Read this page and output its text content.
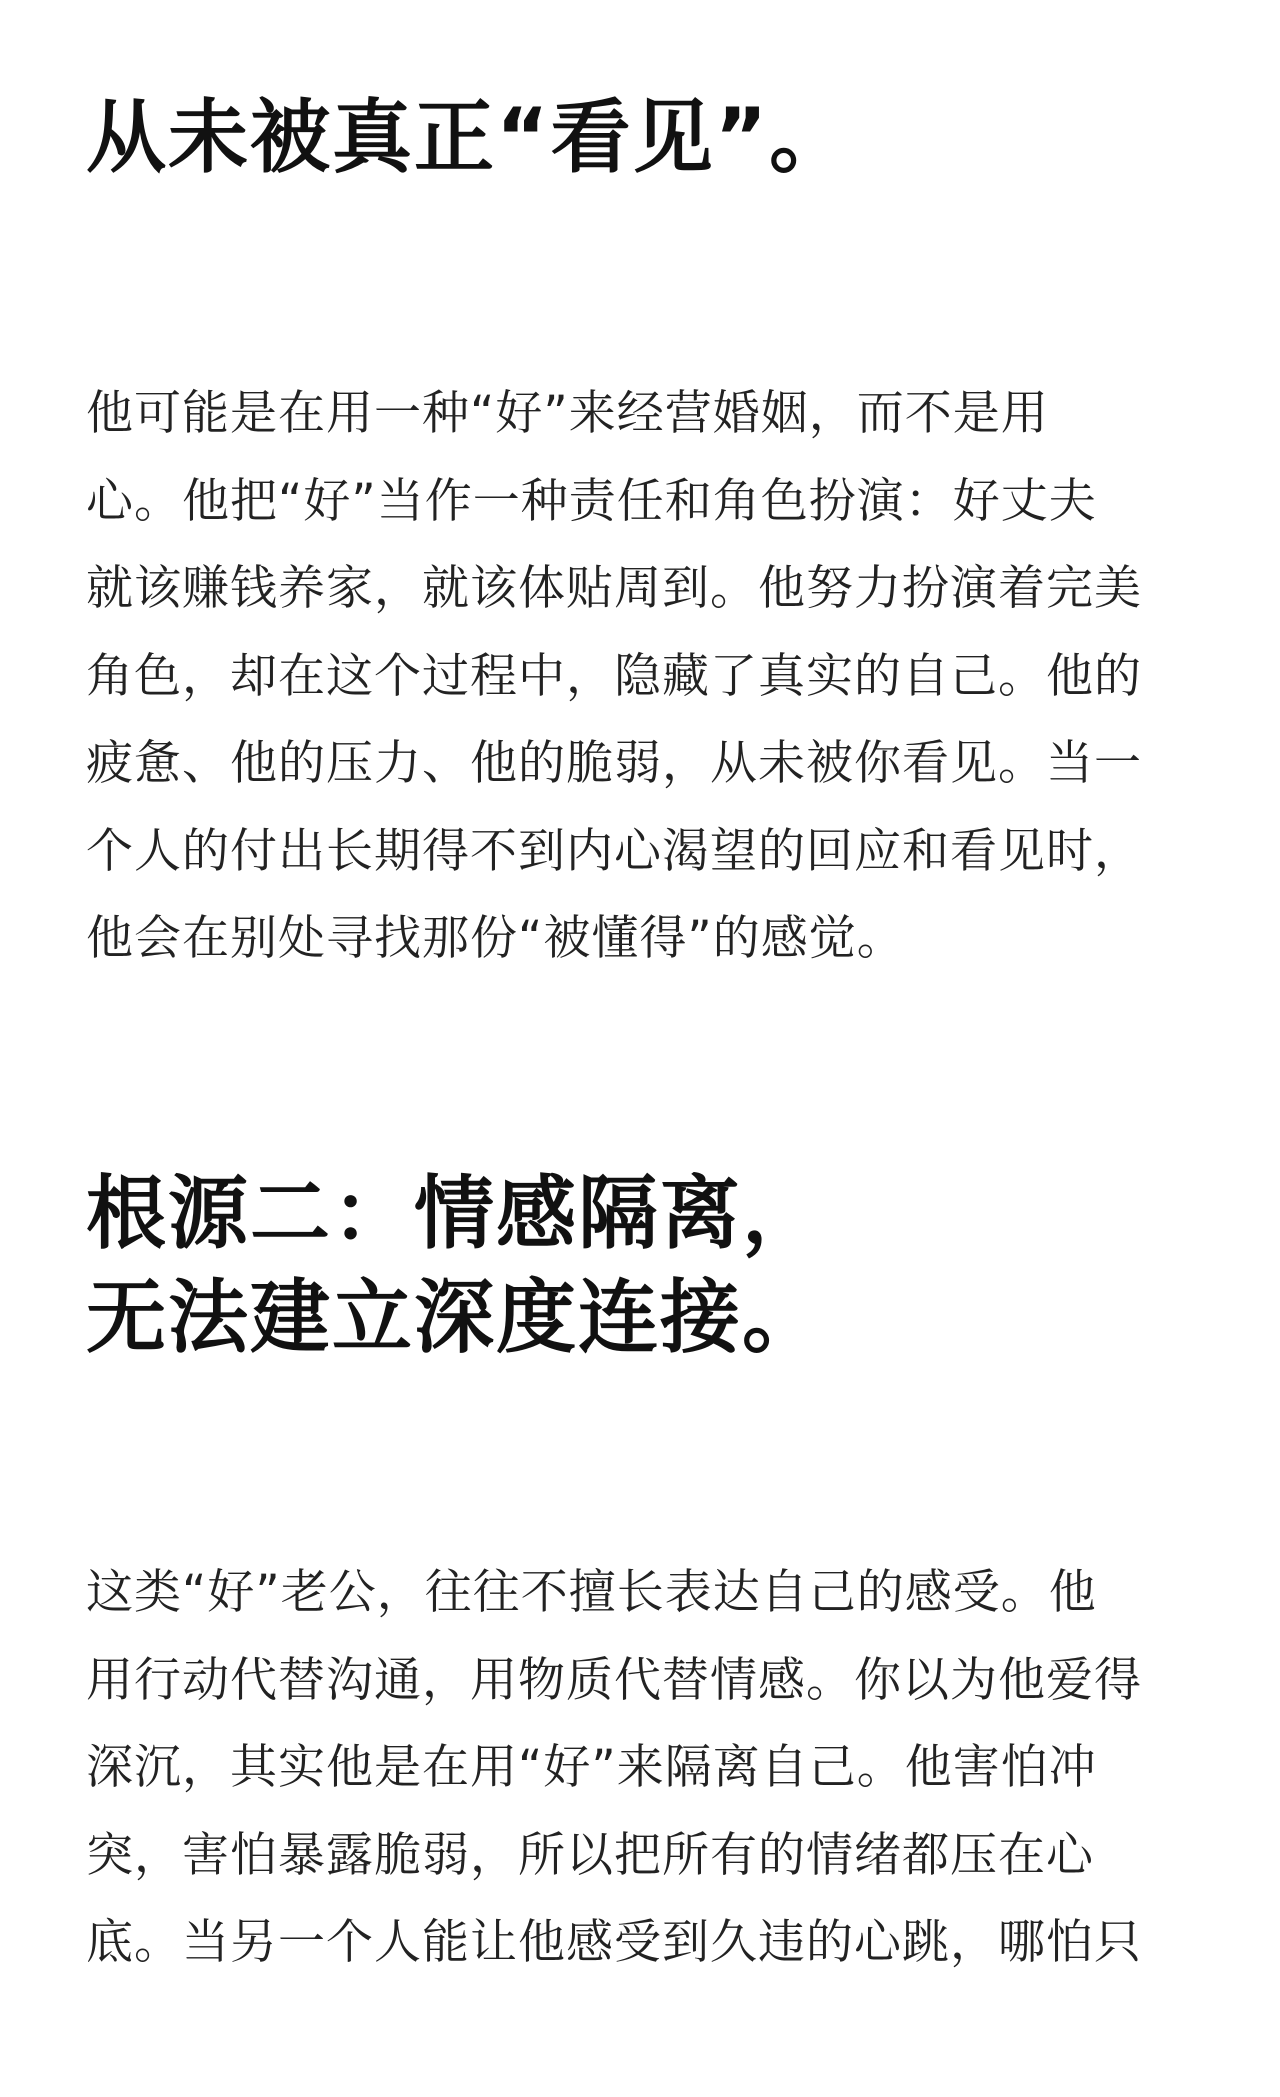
从未被真正“看见”。

他可能是在用一种“好”来经营婚姻，而不是用
心。他把“好”当作一种责任和角色扮演：好丈夫
就该赚钱养家，就该体贴周到。他努力扮演着完美
角色，却在这个过程中，隐藏了真实的自己。他的
疲惫、他的压力、他的脆弱，从未被你看见。当一
个人的付出长期得不到内心渴望的回应和看见时，
他会在别处寻找那份“被懂得”的感觉。

根源二：情感隔离，
无法建立深度连接。

这类“好”老公，往往不擅长表达自己的感受。他
用行动代替沟通，用物质代替情感。你以为他爱得
深沉，其实他是在用“好”来隔离自己。他害怕冲
突，害怕暴露脆弱，所以把所有的情绪都压在心
底。当另一个人能让他感受到久违的心跳，哪怕只
